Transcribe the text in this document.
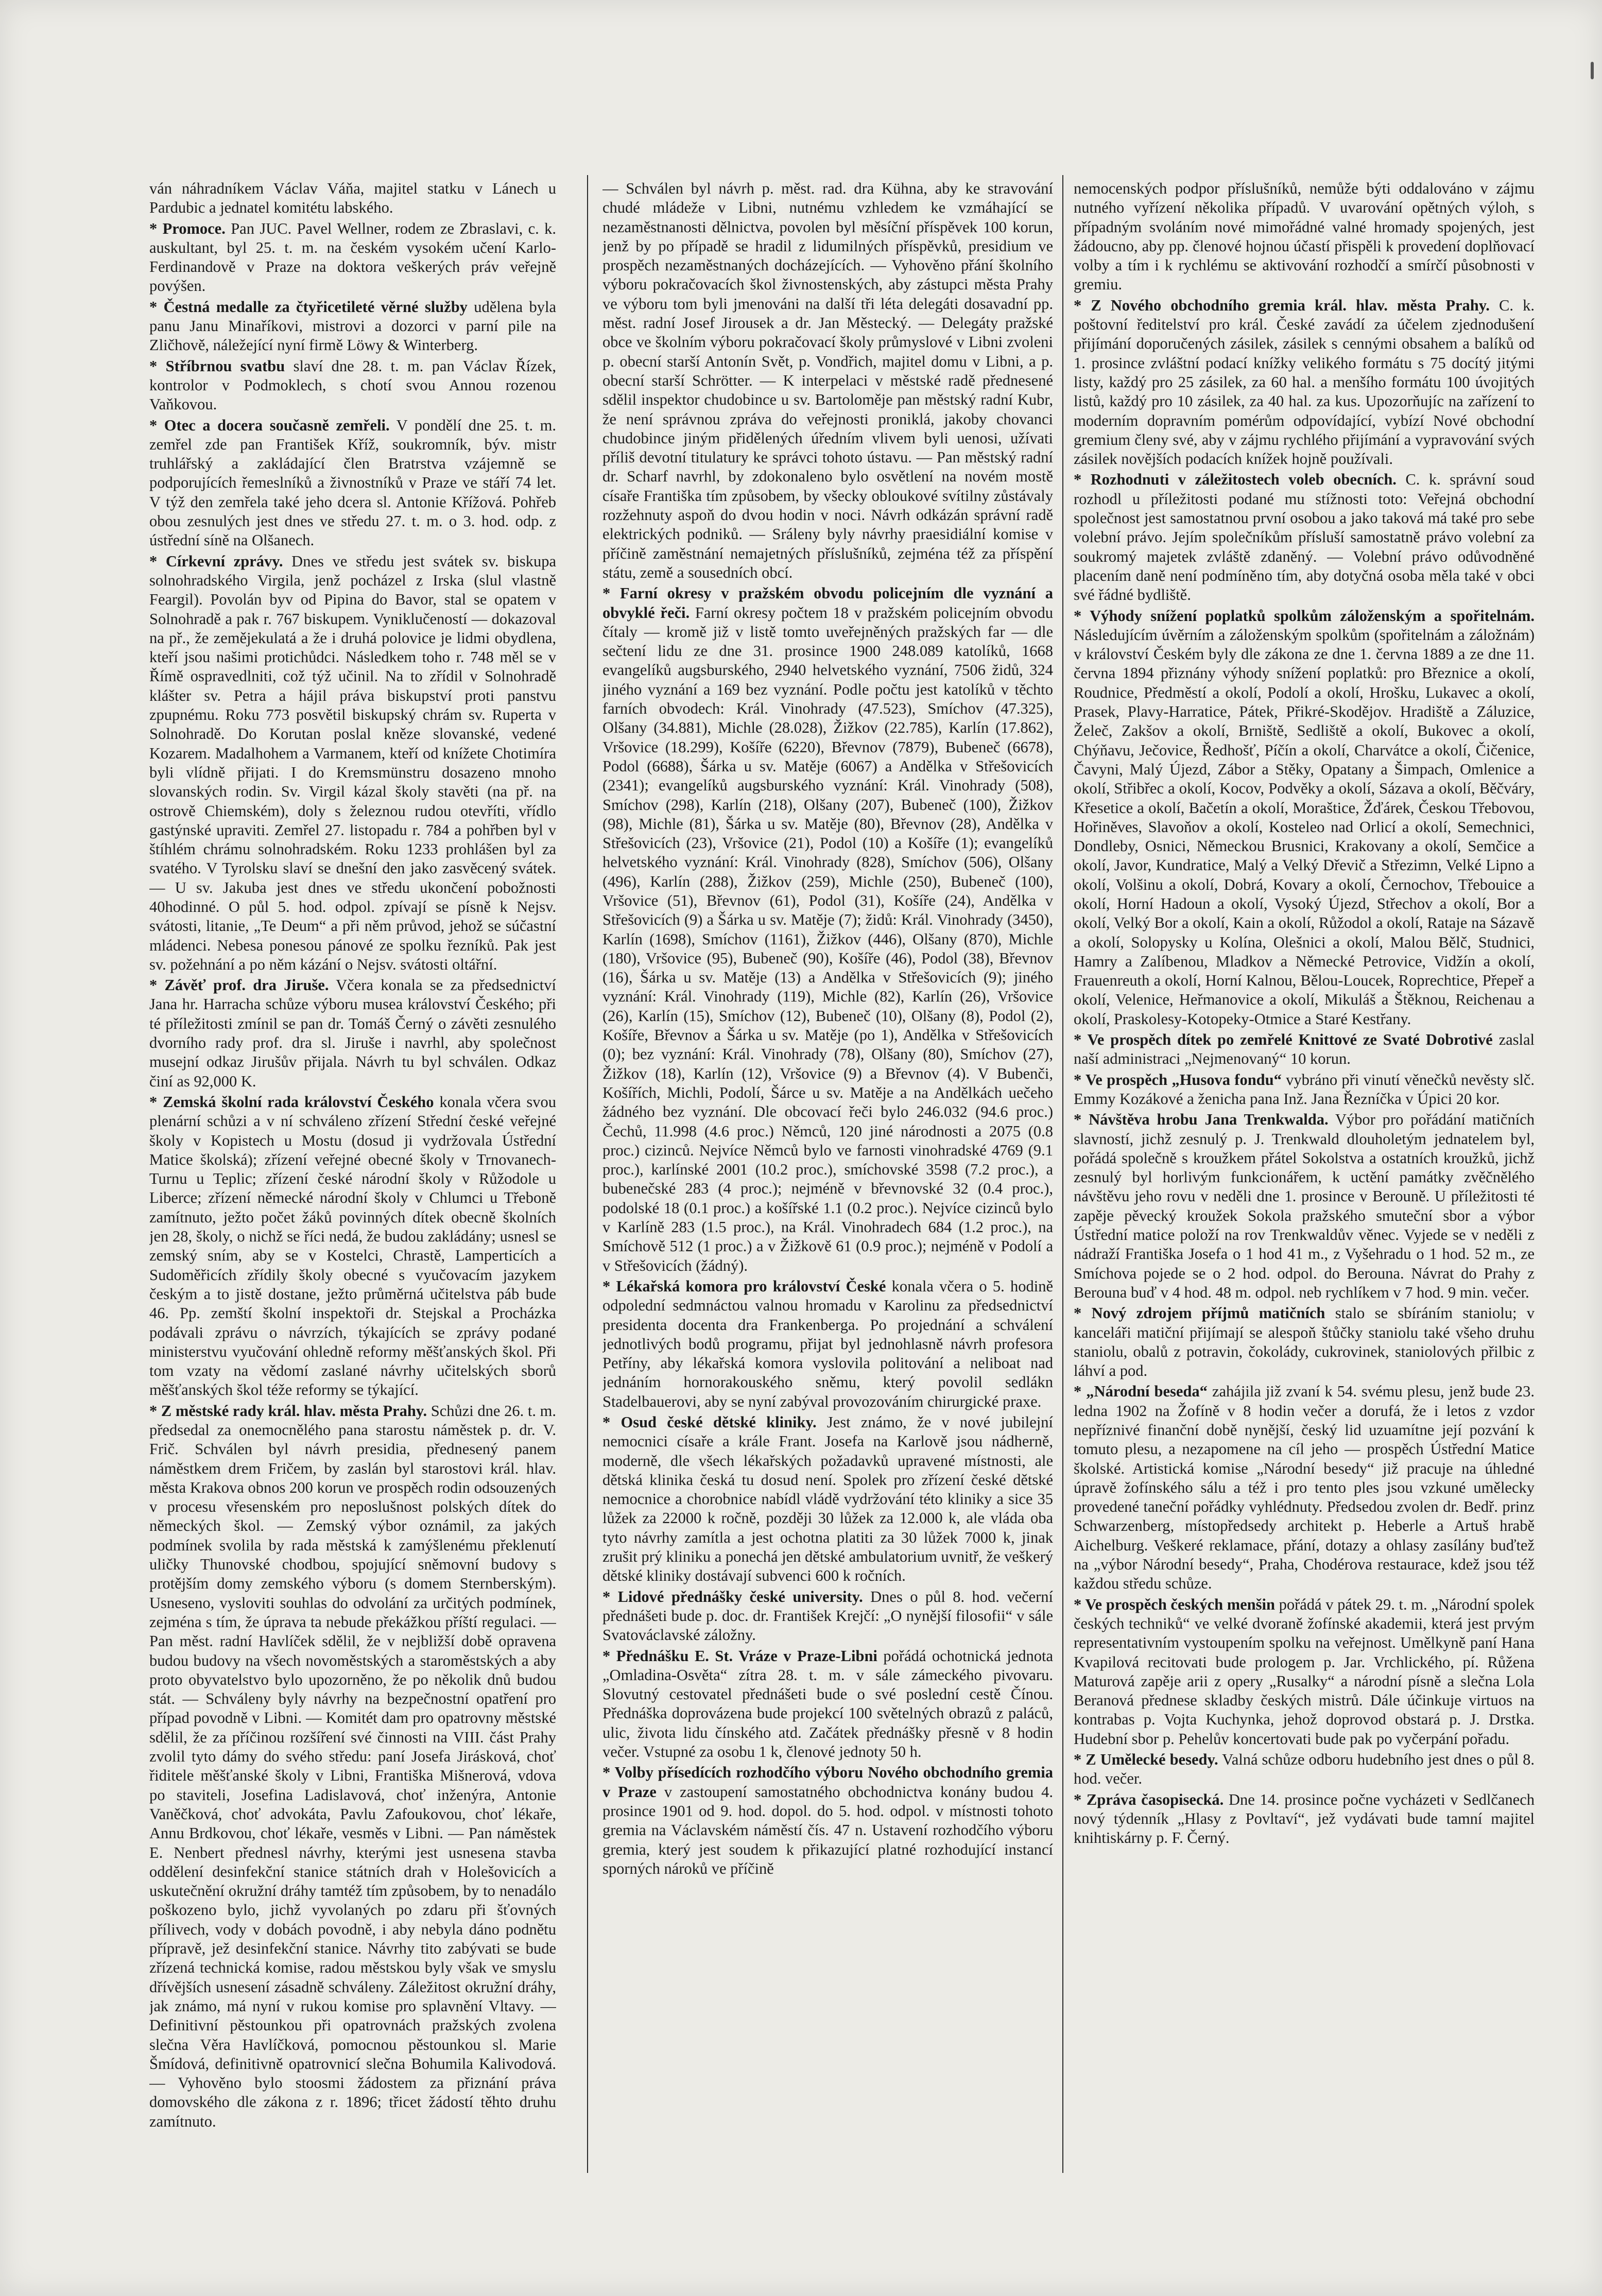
ván náhradníkem Václav Váňa, majitel statku v Lánech u Pardubic a jednatel komitétu labského.

* Promoce. Pan JUC. Pavel Wellner, rodem ze Zbraslavi, c. k. auskultant, byl 25. t. m. na českém vysokém učení Karlo-Ferdinandově v Praze na doktora veškerých práv veřejně povýšen.

* Čestná medalle za čtyřicetileté věrné služby udělena byla panu Janu Minaříkovi, mistrovi a dozorci v parní pile na Zličhově, náležející nyní firmě Löwy & Winterberg.

* Stříbrnou svatbu slaví dne 28. t. m. pan Václav Řízek, kontrolor v Podmoklech, s chotí svou Annou rozenou Vaňkovou.

* Otec a docera současně zemřeli. V pondělí dne 25. t. m. zemřel zde pan František Kříž, soukromník, býv. mistr truhlářský a zakládající člen Bratrstva vzájemně se podporujících řemeslníků a živnostníků v Praze ve stáří 74 let. V týž den zemřela také jeho dcera sl. Antonie Křížová. Pohřeb obou zesnulých jest dnes ve středu 27. t. m. o 3. hod. odp. z ústřední síně na Olšanech.

* Církevní zprávy. Dnes ve středu jest svátek sv. biskupa solnohradského Virgila, jenž pocházel z Irska (slul vlastně Feargil). Povolán byv od Pipina do Bavor, stal se opatem v Solnohradě a pak r. 767 biskupem. Vyniklučeností — dokazoval na př., že zemějekulatá a že i druhá polovice je lidmi obydlena, kteří jsou našimi protichůdci. Následkem toho r. 748 měl se v Římě ospravedlniti, což týž učinil. Na to zřídil v Solnohradě klášter sv. Petra a hájil práva biskupství proti panstvu zpupnému. Roku 773 posvětil biskupský chrám sv. Ruperta v Solnohradě. Do Korutan poslal kněze slovanské, vedené Kozarem. Madalhohem a Varmanem, kteří od knížete Chotimíra byli vlídně přijati. I do Kremsmünstru dosazeno mnoho slovanských rodin. Sv. Virgil kázal školy stavěti (na př. na ostrově Chiemském), doly s železnou rudou otevříti, vřídlo gastýnské upraviti. Zemřel 27. listopadu r. 784 a pohřben byl v štíhlém chrámu solnohradském. Roku 1233 prohlášen byl za svatého. V Tyrolsku slaví se dnešní den jako zasvěcený svátek. — U sv. Jakuba jest dnes ve středu ukončení pobožnosti 40hodinné. O půl 5. hod. odpol. zpívají se písně k Nejsv. svátosti, litanie, „Te Deum“ a při něm průvod, jehož se súčastní mládenci. Nebesa ponesou pánové ze spolku řezníků. Pak jest sv. požehnání a po něm kázání o Nejsv. svátosti oltářní.

* Závěť prof. dra Jiruše. Včera konala se za předsednictví Jana hr. Harracha schůze výboru musea království Českého; při té příležitosti zmínil se pan dr. Tomáš Černý o závěti zesnulého dvorního rady prof. dra sl. Jiruše i navrhl, aby společnost musejní odkaz Jirušův přijala. Návrh tu byl schválen. Odkaz činí as 92,000 K.

* Zemská školní rada království Českého konala včera svou plenární schůzi a v ní schváleno zřízení Střední české veřejné školy v Kopistech u Mostu (dosud ji vydržovala Ústřední Matice školská); zřízení veřejné obecné školy v Trnovanech-Turnu u Teplic; zřízení české národní školy v Růžodole u Liberce; zřízení německé národní školy v Chlumci u Třeboně zamítnuto, ježto počet žáků povinných dítek obecně školních jen 28, školy, o nichž se říci nedá, že budou zakládány; usnesl se zemský sním, aby se v Kostelci, Chrastě, Lamperticích a Sudoměřicích zřídily školy obecné s vyučovacím jazykem českým a to jistě dostane, ježto průměrná učitelstva páb bude 46. Pp. zemští školní inspektoři dr. Stejskal a Procházka podávali zprávu o návrzích, týkajících se zprávy podané ministerstvu vyučování ohledně reformy měšťanských škol. Při tom vzaty na vědomí zaslané návrhy učitelských sborů měšťanských škol téže reformy se týkající.

* Z městské rady král. hlav. města Prahy. Schůzi dne 26. t. m. předsedal za onemocnělého pana starostu náměstek p. dr. V. Frič. Schválen byl návrh presidia, přednesený panem náměstkem drem Fričem, by zaslán byl starostovi král. hlav. města Krakova obnos 200 korun ve prospěch rodin odsouzených v procesu vřesenském pro neposlušnost polských dítek do německých škol. — Zemský výbor oznámil, za jakých podmínek svolila by rada městská k zamýšlenému překlenutí uličky Thunovské chodbou, spojující sněmovní budovy s protějším domy zemského výboru (s domem Sternberským). Usneseno, vysloviti souhlas do odvolání za určitých podmínek, zejména s tím, že úprava ta nebude překážkou příští regulaci. — Pan měst. radní Havlíček sdělil, že v nejbližší době opravena budou budovy na všech novoměstských a staroměstských a aby proto obyvatelstvo bylo upozorněno, že po několik dnů budou stát. — Schváleny byly návrhy na bezpečnostní opatření pro případ povodně v Libni. — Komitét dam pro opatrovny městské sdělil, že za příčinou rozšíření své činnosti na VIII. část Prahy zvolil tyto dámy do svého středu: paní Josefa Jirásková, choť řiditele měšťanské školy v Libni, Františka Mišnerová, vdova po staviteli, Josefina Ladislavová, choť inženýra, Antonie Vaněčková, choť advokáta, Pavlu Zafoukovou, choť lékaře, Annu Brdkovou, choť lékaře, vesměs v Libni. — Pan náměstek E. Nenbert přednesl návrhy, kterými jest usnesena stavba oddělení desinfekční stanice státních drah v Holešovicích a uskutečnění okružní dráhy tamtéž tím způsobem, by to nenadálo poškozeno bylo, jichž vyvolaných po zdaru při šťovných přílivech, vody v dobách povodně, i aby nebyla dáno podnětu přípravě, jež desinfekční stanice. Návrhy tito zabývati se bude zřízená technická komise, radou městskou byly však ve smyslu dřívějších usnesení zásadně schváleny. Záležitost okružní dráhy, jak známo, má nyní v rukou komise pro splavnění Vltavy. — Definitivní pěstounkou při opatrovnách pražských zvolena slečna Věra Havlíčková, pomocnou pěstounkou sl. Marie Šmídová, definitivně opatrovnicí slečna Bohumila Kalivodová. — Vyhověno bylo stoosmi žádostem za přiznání práva domovského dle zákona z r. 1896; třicet žádostí těhto druhu zamítnuto.

— Schválen byl návrh p. měst. rad. dra Kühna, aby ke stravování chudé mládeže v Libni, nutnému vzhledem ke vzmáhající se nezaměstnanosti dělnictva, povolen byl měsíční příspěvek 100 korun, jenž by po případě se hradil z lidumilných příspěvků, presidium ve prospěch nezaměstnaných docházejících. — Vyhověno přání školního výboru pokračovacích škol živnostenských, aby zástupci města Prahy ve výboru tom byli jmenováni na další tři léta delegáti dosavadní pp. měst. radní Josef Jirousek a dr. Jan Městecký. — Delegáty pražské obce ve školním výboru pokračovací školy průmyslové v Libni zvoleni p. obecní starší Antonín Svět, p. Vondřich, majitel domu v Libni, a p. obecní starší Schrötter. — K interpelaci v městské radě přednesené sdělil inspektor chudobince u sv. Bartoloměje pan městský radní Kubr, že není správnou zpráva do veřejnosti proniklá, jakoby chovanci chudobince jiným přidělených úředním vlivem byli uenosi, užívati příliš devotní titulatury ke správci tohoto ústavu. — Pan městský radní dr. Scharf navrhl, by zdokonaleno bylo osvětlení na novém mostě císaře Františka tím způsobem, by všecky obloukové svítilny zůstávaly rozžehnuty aspoň do dvou hodin v noci. Návrh odkázán správní radě elektrických podniků. — Sráleny byly návrhy praesidiální komise v příčině zaměstnání nemajetných příslušníků, zejména též za příspění státu, země a sousedních obcí.

* Farní okresy v pražském obvodu policejním dle vyznání a obvyklé řeči. Farní okresy počtem 18 v pražském policejním obvodu čítaly — kromě již v listě tomto uveřejněných pražských far — dle sečtení lidu ze dne 31. prosince 1900 248.089 katolíků, 1668 evangelíků augsburského, 2940 helvetského vyznání, 7506 židů, 324 jiného vyznání a 169 bez vyznání. Podle počtu jest katolíků v těchto farních obvodech: Král. Vinohrady (47.523), Smíchov (47.325), Olšany (34.881), Michle (28.028), Žižkov (22.785), Karlín (17.862), Vršovice (18.299), Košíře (6220), Břevnov (7879), Bubeneč (6678), Podol (6688), Šárka u sv. Matěje (6067) a Andělka v Střešovicích (2341); evangelíků augsburského vyznání: Král. Vinohrady (508), Smíchov (298), Karlín (218), Olšany (207), Bubeneč (100), Žižkov (98), Michle (81), Šárka u sv. Matěje (80), Břevnov (28), Andělka v Střešovicích (23), Vršovice (21), Podol (10) a Košíře (1); evangelíků helvetského vyznání: Král. Vinohrady (828), Smíchov (506), Olšany (496), Karlín (288), Žižkov (259), Michle (250), Bubeneč (100), Vršovice (51), Břevnov (61), Podol (31), Košíře (24), Andělka v Střešovicích (9) a Šárka u sv. Matěje (7); židů: Král. Vinohrady (3450), Karlín (1698), Smíchov (1161), Žižkov (446), Olšany (870), Michle (180), Vršovice (95), Bubeneč (90), Košíře (46), Podol (38), Břevnov (16), Šárka u sv. Matěje (13) a Andělka v Střešovicích (9); jiného vyznání: Král. Vinohrady (119), Michle (82), Karlín (26), Vršovice (26), Karlín (15), Smíchov (12), Bubeneč (10), Olšany (8), Podol (2), Košíře, Břevnov a Šárka u sv. Matěje (po 1), Andělka v Střešovicích (0); bez vyznání: Král. Vinohrady (78), Olšany (80), Smíchov (27), Žižkov (18), Karlín (12), Vršovice (9) a Břevnov (4). V Bubenči, Košířích, Michli, Podolí, Šárce u sv. Matěje a na Andělkách uečeho žádného bez vyznání. Dle obcovací řeči bylo 246.032 (94.6 proc.) Čechů, 11.998 (4.6 proc.) Němců, 120 jiné národnosti a 2075 (0.8 proc.) cizinců. Nejvíce Němců bylo ve farnosti vinohradské 4769 (9.1 proc.), karlínské 2001 (10.2 proc.), smíchovské 3598 (7.2 proc.), a bubenečské 283 (4 proc.); nejméně v břevnovské 32 (0.4 proc.), podolské 18 (0.1 proc.) a košířské 1.1 (0.2 proc.). Nejvíce cizinců bylo v Karlíně 283 (1.5 proc.), na Král. Vinohradech 684 (1.2 proc.), na Smíchově 512 (1 proc.) a v Žižkově 61 (0.9 proc.); nejméně v Podolí a v Střešovicích (žádný).

* Lékařská komora pro království České konala včera o 5. hodině odpolední sedmnáctou valnou hromadu v Karolinu za předsednictví presidenta docenta dra Frankenberga. Po projednání a schválení jednotlivých bodů programu, přijat byl jednohlasně návrh profesora Petříny, aby lékařská komora vyslovila politování a neliboat nad jednáním hornorakouského sněmu, který povolil sedlákn Stadelbauerovi, aby se nyní zabýval provozováním chirurgické praxe.

* Osud české dětské kliniky. Jest známo, že v nové jubilejní nemocnici císaře a krále Frant. Josefa na Karlově jsou nádherně, moderně, dle všech lékařských požadavků upravené místnosti, ale dětská klinika česká tu dosud není. Spolek pro zřízení české dětské nemocnice a chorobnice nabídl vládě vydržování této kliniky a sice 35 lůžek za 22000 k ročně, později 30 lůžek za 12.000 k, ale vláda oba tyto návrhy zamítla a jest ochotna platiti za 30 lůžek 7000 k, jinak zrušit prý kliniku a ponechá jen dětské ambulatorium uvnitř, že veškerý dětské kliniky dostávají subvenci 600 k ročních.

* Lidové přednášky české university. Dnes o půl 8. hod. večerní přednášeti bude p. doc. dr. František Krejčí: „O nynější filosofii“ v sále Svatováclavské záložny.

* Přednášku E. St. Vráze v Praze-Libni pořádá ochotnická jednota „Omladina-Osvěta“ zítra 28. t. m. v sále zámeckého pivovaru. Slovutný cestovatel přednášeti bude o své poslední cestě Čínou. Přednáška doprovázena bude projekcí 100 světelných obrazů z paláců, ulic, života lidu čínského atd. Začátek přednášky přesně v 8 hodin večer. Vstupné za osobu 1 k, členové jednoty 50 h.

* Volby přísedících rozhodčího výboru Nového obchodního gremia v Praze v zastoupení samostatného obchodnictva konány budou 4. prosince 1901 od 9. hod. dopol. do 5. hod. odpol. v místnosti tohoto gremia na Václavském náměstí čís. 47 n. Ustavení rozhodčího výboru gremia, který jest soudem k přikazující platné rozhodující instancí sporných nároků ve příčině

nemocenských podpor příslušníků, nemůže býti oddalováno v zájmu nutného vyřízení několika případů. V uvarování opětných výloh, s případným svoláním nové mimořádné valné hromady spojených, jest žádoucno, aby pp. členové hojnou účastí přispěli k provedení doplňovací volby a tím i k rychlému se aktivování rozhodčí a smírčí působnosti v gremiu.

* Z Nového obchodního gremia král. hlav. města Prahy. C. k. poštovní ředitelství pro král. České zavádí za účelem zjednodušení přijímání doporučených zásilek, zásilek s cennými obsahem a balíků od 1. prosince zvláštní podací knížky velikého formátu s 75 docítý jitými listy, každý pro 25 zásilek, za 60 hal. a menšího formátu 100 úvojitých listů, každý pro 10 zásilek, za 40 hal. za kus. Upozorňujíc na zařízení to moderním dopravním pomérům odpovídající, vybízí Nové obchodní gremium členy své, aby v zájmu rychlého přijímání a vypravování svých zásilek novějších podacích knížek hojně používali.

* Rozhodnuti v záležitostech voleb obecních. C. k. správní soud rozhodl u příležitosti podané mu stížnosti toto: Veřejná obchodní společnost jest samostatnou první osobou a jako taková má také pro sebe volební právo. Jejím společníkům přísluší samostatně právo volební za soukromý majetek zvláště zdaněný. — Volební právo odůvodněné placením daně není podmíněno tím, aby dotyčná osoba měla také v obci své řádné bydliště.

* Výhody snížení poplatků spolkům záloženským a spořitelnám. Následujícím úvěrním a záloženským spolkům (spořitelnám a záložnám) v království Českém byly dle zákona ze dne 1. června 1889 a ze dne 11. června 1894 přiznány výhody snížení poplatků: pro Březnice a okolí, Roudnice, Předměstí a okolí, Podolí a okolí, Hrošku, Lukavec a okolí, Prasek, Plavy-Harratice, Pátek, Přikré-Skodějov. Hradiště a Záluzice, Želeč, Zakšov a okolí, Brniště, Sedliště a okolí, Bukovec a okolí, Chýňavu, Ječovice, Ředhošť, Píčín a okolí, Charvátce a okolí, Čičenice, Čavyni, Malý Újezd, Zábor a Stěky, Opatany a Šimpach, Omlenice a okolí, Střibřec a okolí, Kocov, Podvěky a okolí, Sázava a okolí, Běčváry, Křesetice a okolí, Bačetín a okolí, Moraštice, Žďárek, Českou Třebovou, Hořiněves, Slavoňov a okolí, Kosteleo nad Orlicí a okolí, Semechnici, Dondleby, Osnici, Německou Brusnici, Krakovany a okolí, Semčice a okolí, Javor, Kundratice, Malý a Velký Dřevič a Střezimn, Velké Lipno a okolí, Volšinu a okolí, Dobrá, Kovary a okolí, Černochov, Třebouice a okolí, Horní Hadoun a okolí, Vysoký Újezd, Střechov a okolí, Bor a okolí, Velký Bor a okolí, Kain a okolí, Růžodol a okolí, Rataje na Sázavě a okolí, Solopysky u Kolína, Olešnici a okolí, Malou Bělč, Studnici, Hamry a Zalíbenou, Mladkov a Německé Petrovice, Vidžín a okolí, Frauenreuth a okolí, Horní Kalnou, Bělou-Loucek, Roprechtice, Přepeř a okolí, Velenice, Heřmanovice a okolí, Mikuláš a Štěknou, Reichenau a okolí, Praskolesy-Kotopeky-Otmice a Staré Kestřany.

* Ve prospěch dítek po zemřelé Knittové ze Svaté Dobrotivé zaslal naší administraci „Nejmenovaný“ 10 korun.

* Ve prospěch „Husova fondu“ vybráno při vinutí věnečků nevěsty slč. Emmy Kozákové a ženicha pana Inž. Jana Řezníčka v Úpici 20 kor.

* Návštěva hrobu Jana Trenkwalda. Výbor pro pořádání matičních slavností, jichž zesnulý p. J. Trenkwald dlouholetým jednatelem byl, pořádá společně s kroužkem přátel Sokolstva a ostatních kroužků, jichž zesnulý byl horlivým funkcionářem, k uctění památky zvěčnělého návštěvu jeho rovu v neděli dne 1. prosince v Berouně. U příležitosti té zapěje pěvecký kroužek Sokola pražského smuteční sbor a výbor Ústřední matice položí na rov Trenkwaldův věnec. Vyjede se v neděli z nádraží Františka Josefa o 1 hod 41 m., z Vyšehradu o 1 hod. 52 m., ze Smíchova pojede se o 2 hod. odpol. do Berouna. Návrat do Prahy z Berouna buď v 4 hod. 48 m. odpol. neb rychlíkem v 7 hod. 9 min. večer.

* Nový zdrojem příjmů matičních stalo se sbíráním staniolu; v kanceláři matiční přijímají se alespoň štůčky staniolu také všeho druhu staniolu, obalů z potravin, čokolády, cukrovinek, staniolových přilbic z láhví a pod.

* „Národní beseda“ zahájila již zvaní k 54. svému plesu, jenž bude 23. ledna 1902 na Žofíně v 8 hodin večer a dorufá, že i letos z vzdor nepříznivé finanční době nynější, český lid uzuamítne její pozvání k tomuto plesu, a nezapomene na cíl jeho — prospěch Ústřední Matice školské. Artistická komise „Národní besedy“ již pracuje na úhledné úpravě žofínského sálu a též i pro tento ples jsou vzkuné umělecky provedené taneční pořádky vyhlédnuty. Předsedou zvolen dr. Bedř. prinz Schwarzenberg, místopředsedy architekt p. Heberle a Artuš hrabě Aichelburg. Veškeré reklamace, přání, dotazy a ohlasy zasílány buďtež na „výbor Národní besedy“, Praha, Chodérova restaurace, kdež jsou též každou středu schůze.

* Ve prospěch českých menšin pořádá v pátek 29. t. m. „Národní spolek českých techniků“ ve velké dvoraně žofínské akademii, která jest prvým representativním vystoupením spolku na veřejnost. Umělkyně paní Hana Kvapilová recitovati bude prologem p. Jar. Vrchlického, pí. Růžena Maturová zapěje arii z opery „Rusalky“ a národní písně a slečna Lola Beranová přednese skladby českých mistrů. Dále účinkuje virtuos na kontrabas p. Vojta Kuchynka, jehož doprovod obstará p. J. Drstka. Hudební sbor p. Pehelův koncertovati bude pak po vyčerpání pořadu.

* Z Umělecké besedy. Valná schůze odboru hudebního jest dnes o půl 8. hod. večer.

* Zpráva časopisecká. Dne 14. prosince počne vycházeti v Sedlčanech nový týdenník „Hlasy z Povltaví“, jež vydávati bude tamní majitel knihtiskárny p. F. Černý.
